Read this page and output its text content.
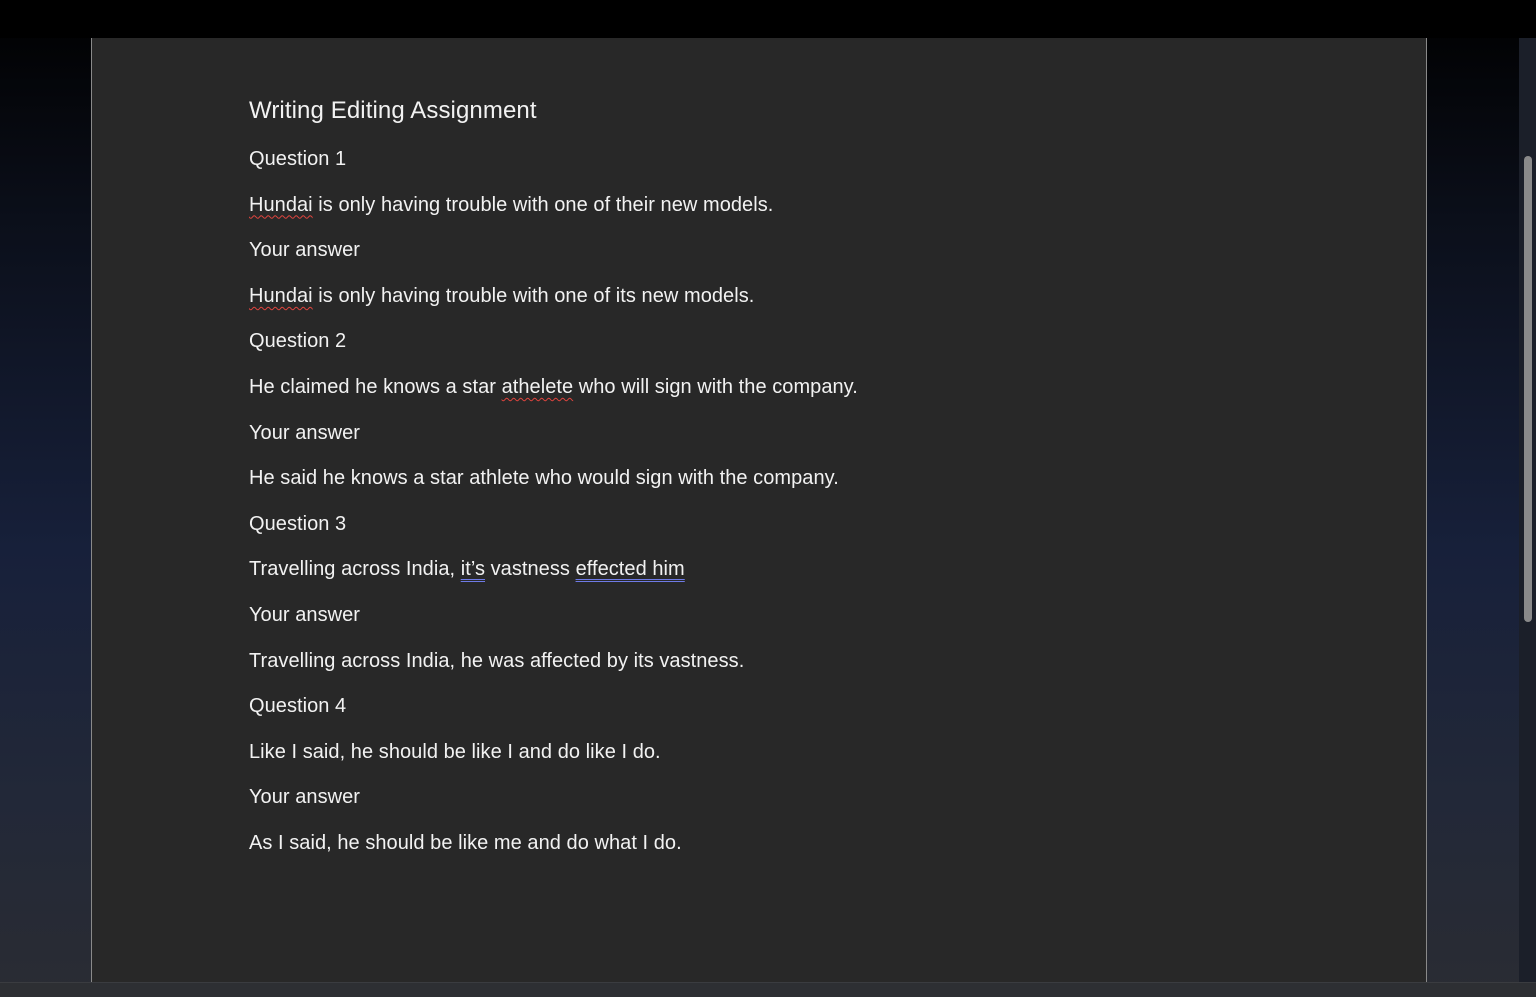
Writing Editing Assignment
Question 1
Hundai is only having trouble with one of their new models.
Your answer
Hundai is only having trouble with one of its new models.
Question 2
He claimed he knows a star athelete who will sign with the company.
Your answer
He said he knows a star athlete who would sign with the company.
Question 3
Travelling across India, it’s vastness effected him
Your answer
Travelling across India, he was affected by its vastness.
Question 4
Like I said, he should be like I and do like I do.
Your answer
As I said, he should be like me and do what I do.
